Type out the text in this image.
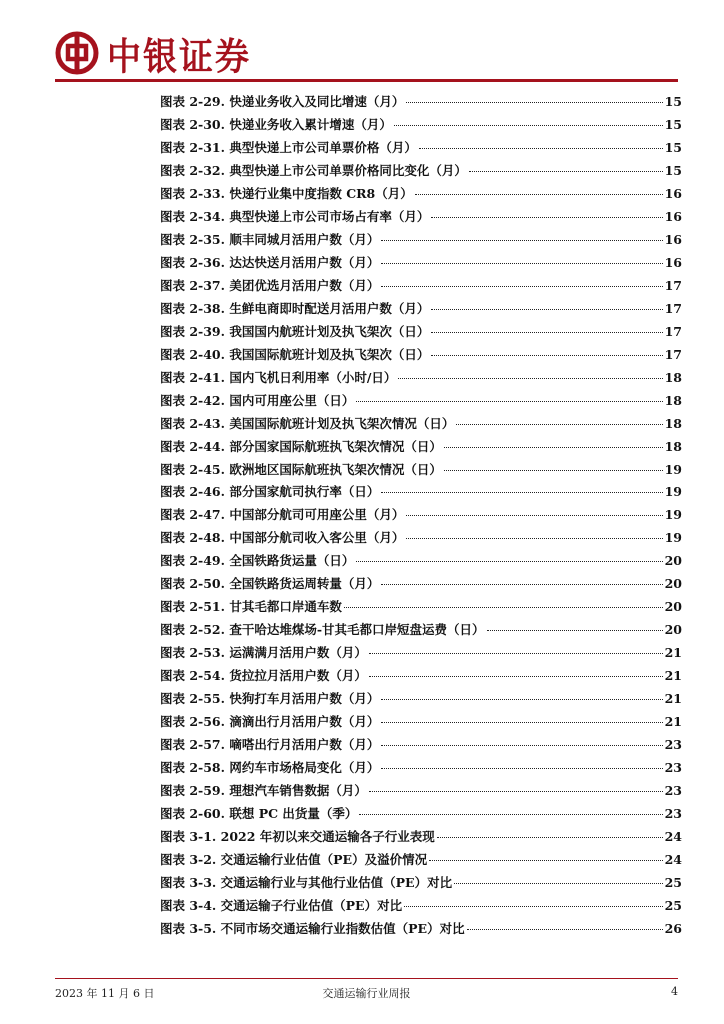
中银证券
图表 2-29. 快递业务收入及同比增速（月）	15
图表 2-30. 快递业务收入累计增速（月）	15
图表 2-31. 典型快递上市公司单票价格（月）	15
图表 2-32. 典型快递上市公司单票价格同比变化（月）	15
图表 2-33. 快递行业集中度指数 CR8（月）	16
图表 2-34. 典型快递上市公司市场占有率（月）	16
图表 2-35. 顺丰同城月活用户数（月）	16
图表 2-36. 达达快送月活用户数（月）	16
图表 2-37. 美团优选月活用户数（月）	17
图表 2-38. 生鲜电商即时配送月活用户数（月）	17
图表 2-39. 我国国内航班计划及执飞架次（日）	17
图表 2-40. 我国国际航班计划及执飞架次（日）	17
图表 2-41. 国内飞机日利用率（小时/日）	18
图表 2-42. 国内可用座公里（日）	18
图表 2-43. 美国国际航班计划及执飞架次情况（日）	18
图表 2-44. 部分国家国际航班执飞架次情况（日）	18
图表 2-45. 欧洲地区国际航班执飞架次情况（日）	19
图表 2-46. 部分国家航司执行率（日）	19
图表 2-47. 中国部分航司可用座公里（月）	19
图表 2-48. 中国部分航司收入客公里（月）	19
图表 2-49. 全国铁路货运量（日）	20
图表 2-50. 全国铁路货运周转量（月）	20
图表 2-51. 甘其毛都口岸通车数	20
图表 2-52. 查干哈达堆煤场-甘其毛都口岸短盘运费（日）	20
图表 2-53. 运满满月活用户数（月）	21
图表 2-54. 货拉拉月活用户数（月）	21
图表 2-55. 快狗打车月活用户数（月）	21
图表 2-56. 滴滴出行月活用户数（月）	21
图表 2-57. 嘀嗒出行月活用户数（月）	23
图表 2-58. 网约车市场格局变化（月）	23
图表 2-59. 理想汽车销售数据（月）	23
图表 2-60. 联想 PC 出货量（季）	23
图表 3-1. 2022 年初以来交通运输各子行业表现	24
图表 3-2. 交通运输行业估值（PE）及溢价情况	24
图表 3-3. 交通运输行业与其他行业估值（PE）对比	25
图表 3-4. 交通运输子行业估值（PE）对比	25
图表 3-5. 不同市场交通运输行业指数估值（PE）对比	26
2023 年 11 月 6 日	交通运输行业周报	4
